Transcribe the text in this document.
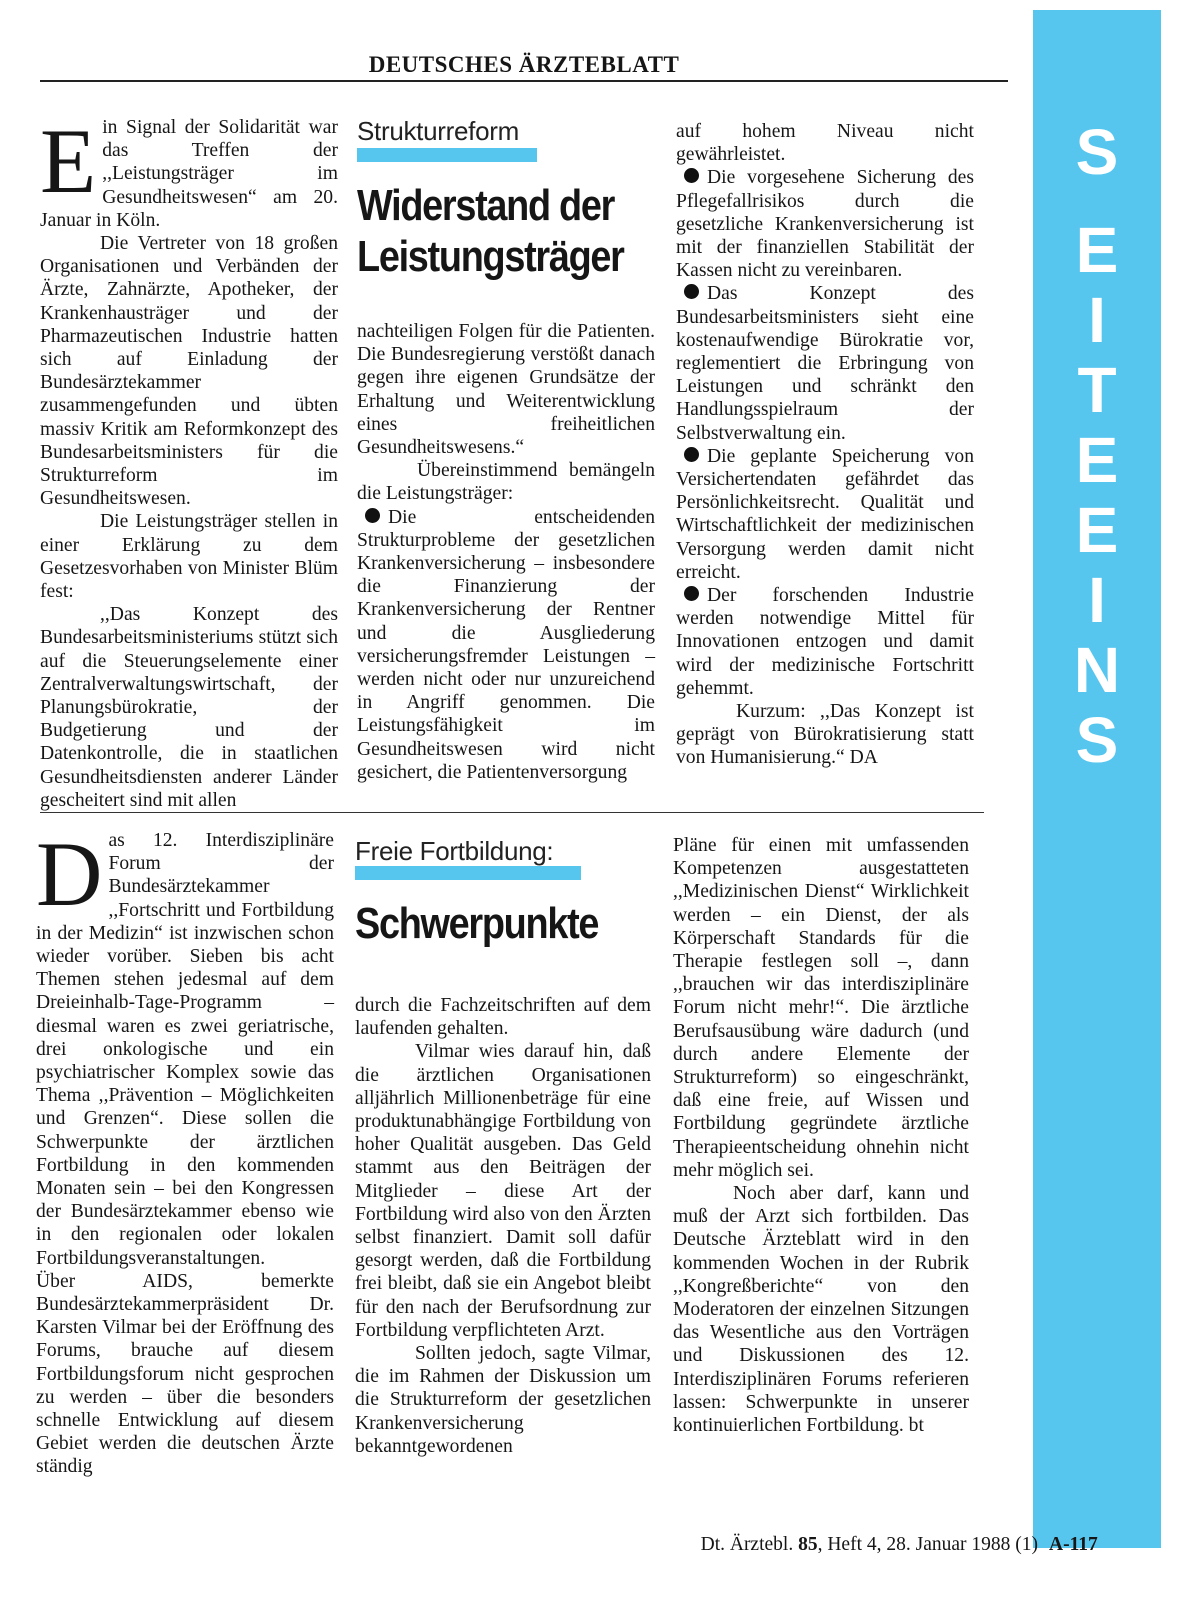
DEUTSCHES ÄRZTEBLATT
S
E
I
T
E
E
I
N
S

Ein Signal der Solidarität war das Treffen der ,,Leistungsträger im Gesundheitswesen“ am 20. Januar in Köln.

Die Vertreter von 18 großen Organisationen und Verbänden der Ärzte, Zahnärzte, Apotheker, der Krankenhausträger und der Pharmazeutischen Industrie hatten sich auf Einladung der Bundesärztekammer zusammengefunden und übten massiv Kritik am Reformkonzept des Bundesarbeitsministers für die Strukturreform im Gesundheitswesen.

Die Leistungsträger stellen in einer Erklärung zu dem Gesetzesvorhaben von Minister Blüm fest:

,,Das Konzept des Bundesarbeitsministeriums stützt sich auf die Steuerungselemente einer Zentralverwaltungswirtschaft, der Planungsbürokratie, der Budgetierung und der Datenkontrolle, die in staatlichen Gesundheitsdiensten anderer Länder gescheitert sind mit allen

Strukturreform
Widerstand der
Leistungsträger

nachteiligen Folgen für die Patienten. Die Bundesregierung verstößt danach gegen ihre eigenen Grundsätze der Erhaltung und Weiterentwicklung eines freiheitlichen Gesundheitswesens.“

Übereinstimmend bemängeln die Leistungsträger:

Die entscheidenden Strukturprobleme der gesetzlichen Krankenversicherung – insbesondere die Finanzierung der Krankenversicherung der Rentner und die Ausgliederung versicherungsfremder Leistungen – werden nicht oder nur unzureichend in Angriff genommen. Die Leistungsfähigkeit im Gesundheitswesen wird nicht gesichert, die Patientenversorgung

auf hohem Niveau nicht gewährleistet.

Die vorgesehene Sicherung des Pflegefallrisikos durch die gesetzliche Krankenversicherung ist mit der finanziellen Stabilität der Kassen nicht zu vereinbaren.

Das Konzept des Bundesarbeitsministers sieht eine kostenaufwendige Bürokratie vor, reglementiert die Erbringung von Leistungen und schränkt den Handlungsspielraum der Selbstverwaltung ein.

Die geplante Speicherung von Versichertendaten gefährdet das Persönlichkeitsrecht. Qualität und Wirtschaftlichkeit der medizinischen Versorgung werden damit nicht erreicht.

Der forschenden Industrie werden notwendige Mittel für Innovationen entzogen und damit wird der medizinische Fortschritt gehemmt.

Kurzum: ,,Das Konzept ist geprägt von Bürokratisierung statt von Humanisierung.“ DA

Das 12. Interdisziplinäre Forum der Bundesärztekammer ,,Fortschritt und Fortbildung in der Medizin“ ist inzwischen schon wieder vorüber. Sieben bis acht Themen stehen jedesmal auf dem Dreieinhalb-Tage-Programm – diesmal waren es zwei geriatrische, drei onkologische und ein psychiatrischer Komplex sowie das Thema ,,Prävention – Möglichkeiten und Grenzen“. Diese sollen die Schwerpunkte der ärztlichen Fortbildung in den kommenden Monaten sein – bei den Kongressen der Bundesärztekammer ebenso wie in den regionalen oder lokalen Fortbildungsveranstaltungen.

Über AIDS, bemerkte Bundesärztekammerpräsident Dr. Karsten Vilmar bei der Eröffnung des Forums, brauche auf diesem Fortbildungsforum nicht gesprochen zu werden – über die besonders schnelle Entwicklung auf diesem Gebiet werden die deutschen Ärzte ständig

Freie Fortbildung:
Schwerpunkte

durch die Fachzeitschriften auf dem laufenden gehalten.

Vilmar wies darauf hin, daß die ärztlichen Organisationen alljährlich Millionenbeträge für eine produktunabhängige Fortbildung von hoher Qualität ausgeben. Das Geld stammt aus den Beiträgen der Mitglieder – diese Art der Fortbildung wird also von den Ärzten selbst finanziert. Damit soll dafür gesorgt werden, daß die Fortbildung frei bleibt, daß sie ein Angebot bleibt für den nach der Berufsordnung zur Fortbildung verpflichteten Arzt.

Sollten jedoch, sagte Vilmar, die im Rahmen der Diskussion um die Strukturreform der gesetzlichen Krankenversicherung bekanntgewordenen

Pläne für einen mit umfassenden Kompetenzen ausgestatteten ,,Medizinischen Dienst“ Wirklichkeit werden – ein Dienst, der als Körperschaft Standards für die Therapie festlegen soll –, dann ,,brauchen wir das interdisziplinäre Forum nicht mehr!“. Die ärztliche Berufsausübung wäre dadurch (und durch andere Elemente der Strukturreform) so eingeschränkt, daß eine freie, auf Wissen und Fortbildung gegründete ärztliche Therapieentscheidung ohnehin nicht mehr möglich sei.

Noch aber darf, kann und muß der Arzt sich fortbilden. Das Deutsche Ärzteblatt wird in den kommenden Wochen in der Rubrik ,,Kongreßberichte“ von den Moderatoren der einzelnen Sitzungen das Wesentliche aus den Vorträgen und Diskussionen des 12. Interdisziplinären Forums referieren lassen: Schwerpunkte in unserer kontinuierlichen Fortbildung. bt

Dt. Ärztebl. 85, Heft 4, 28. Januar 1988 (1) A-117
